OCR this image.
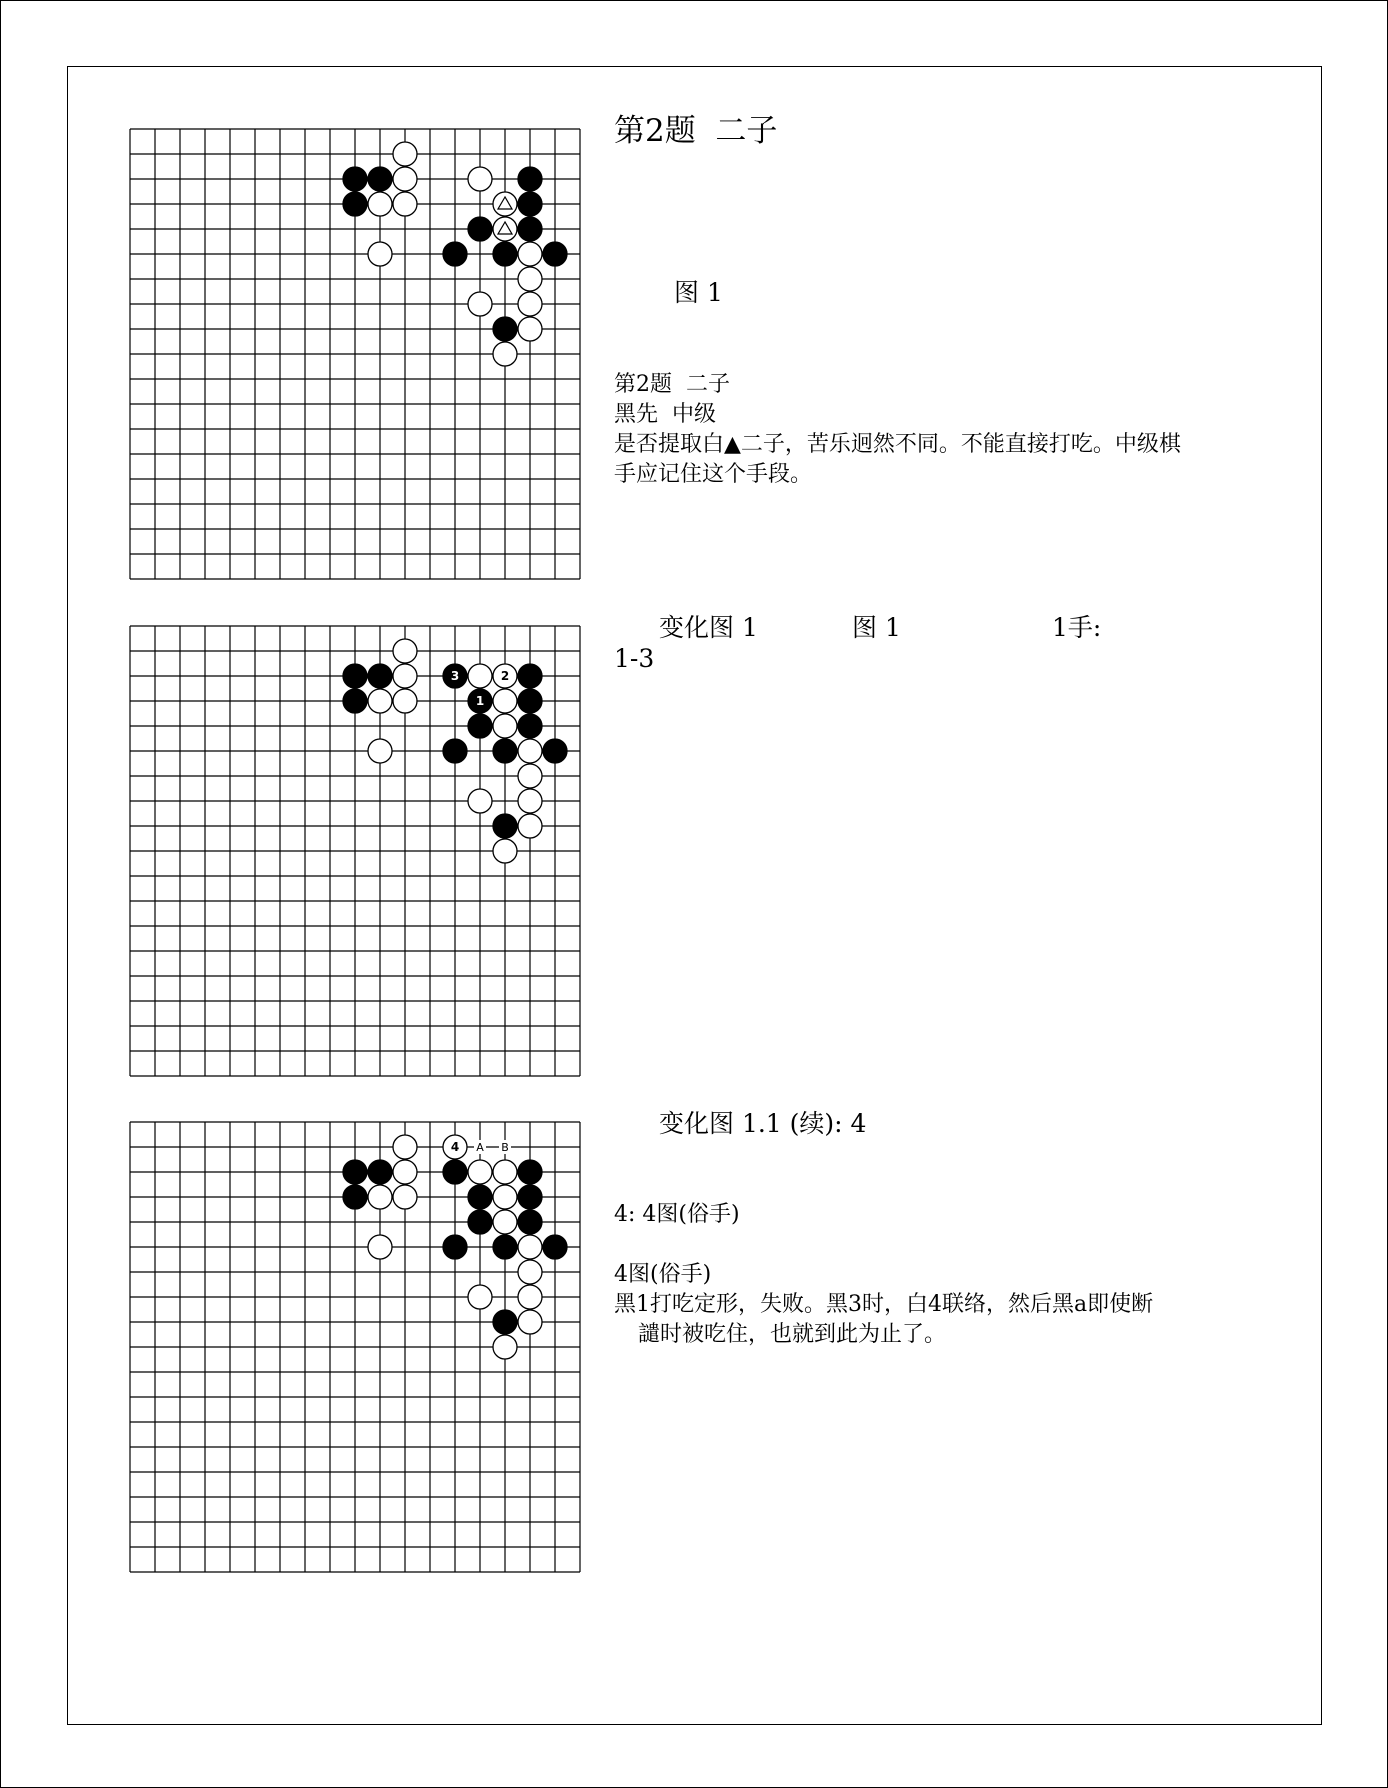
第2题  二子
图 1
第2题  二子
黑先  中级
是否提取白▲二子，苦乐迥然不同。不能直接打吃。中级棋
手应记住这个手段。
1
2
3
变化图 1	图 1	1手:
1-3
4 A B
变化图 1.1 (续): 4
4: 4图(俗手)
4图(俗手)
黑1打吃定形，失败。黑3时，白4联络，然后黑a即使断
譴时被吃住，也就到此为止了。
